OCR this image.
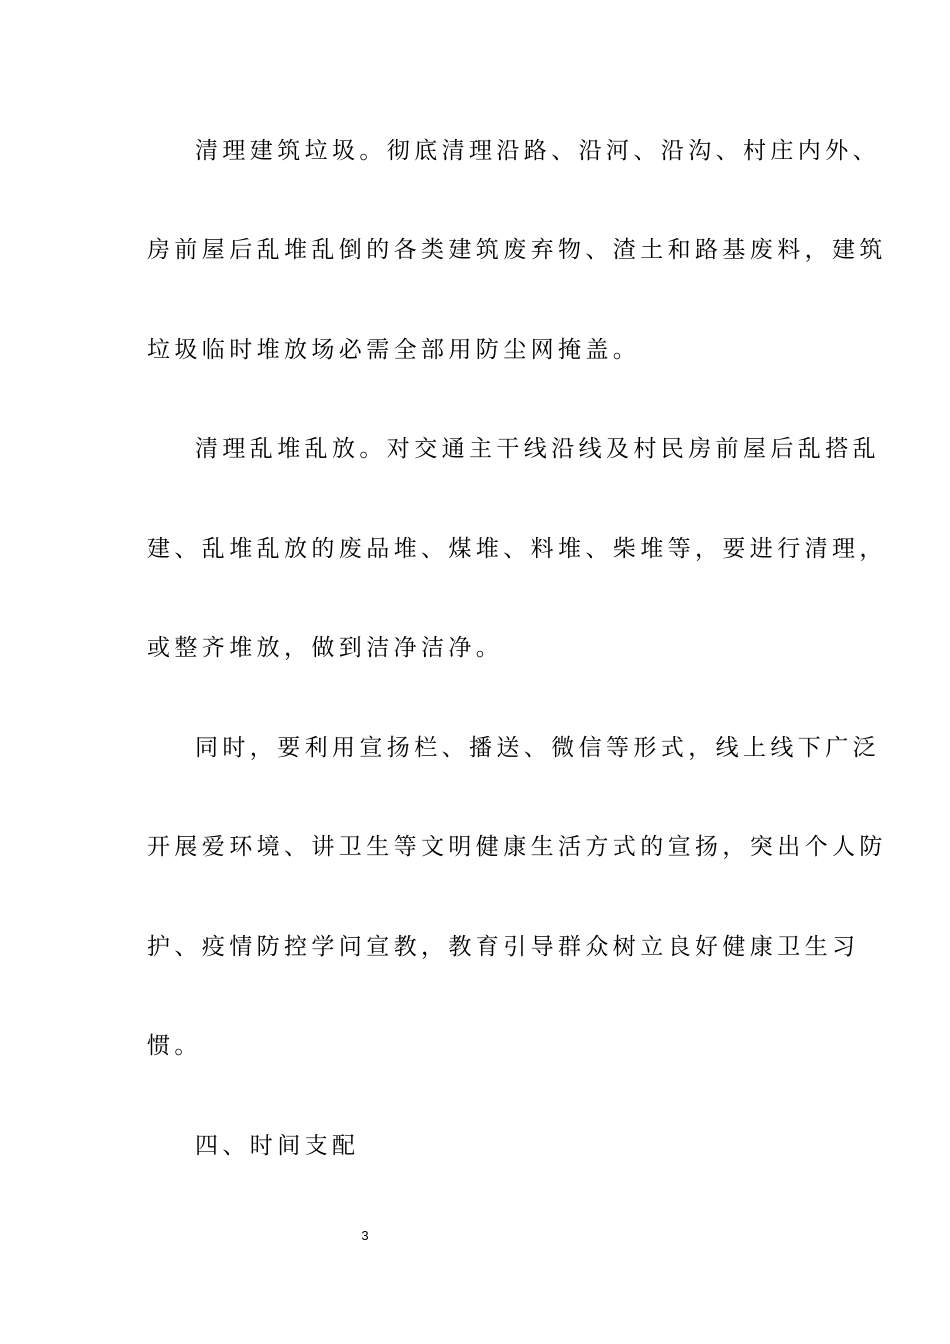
清理建筑垃圾。彻底清理沿路、沿河、沿沟、村庄内外、
房前屋后乱堆乱倒的各类建筑废弃物、渣土和路基废料，建筑
垃圾临时堆放场必需全部用防尘网掩盖。
清理乱堆乱放。对交通主干线沿线及村民房前屋后乱搭乱
建、乱堆乱放的废品堆、煤堆、料堆、柴堆等，要进行清理，
或整齐堆放，做到洁净洁净。
同时，要利用宣扬栏、播送、微信等形式，线上线下广泛
开展爱环境、讲卫生等文明健康生活方式的宣扬，突出个人防
护、疫情防控学问宣教，教育引导群众树立良好健康卫生习
惯。
四、时间支配
3
